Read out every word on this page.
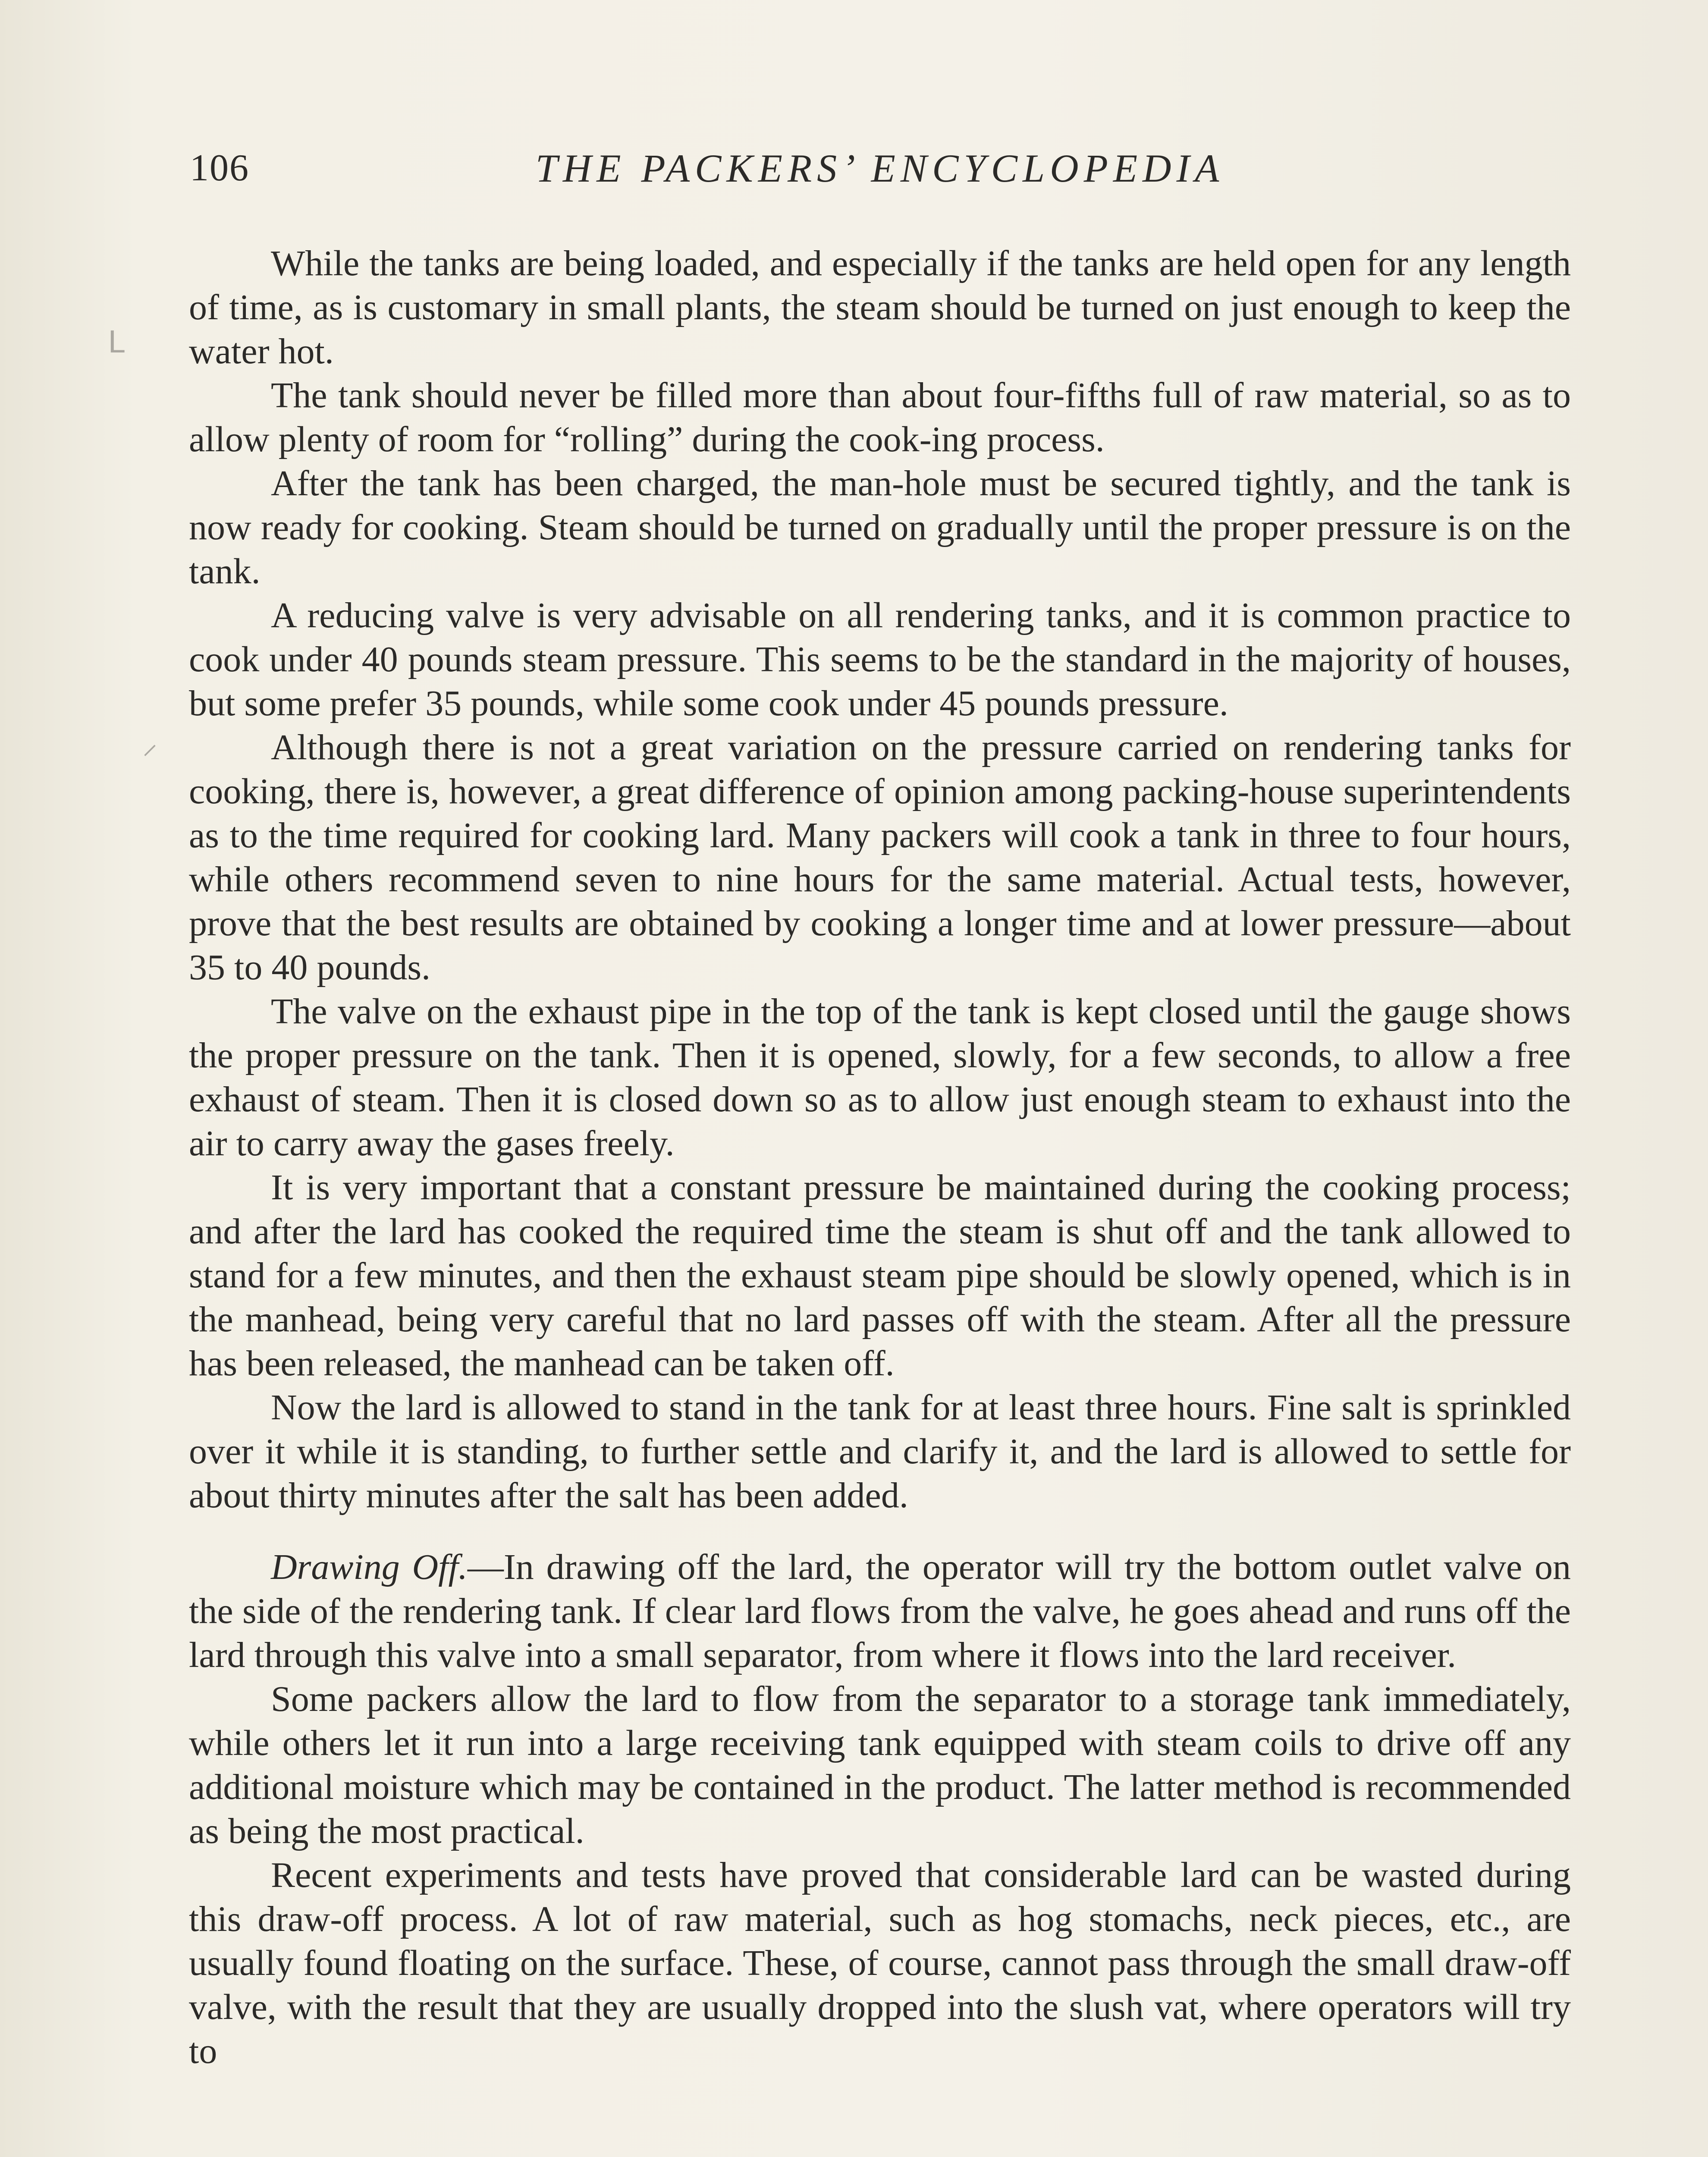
106	THE PACKERS’ ENCYCLOPEDIA
ᒪ
⸝

While the tanks are being loaded, and especially if the tanks are held open for any length of time, as is customary in small plants, the steam should be turned on just enough to keep the water hot.

The tank should never be filled more than about four-fifths full of raw material, so as to allow plenty of room for “rolling” during the cook-ing process.

After the tank has been charged, the man-hole must be secured tightly, and the tank is now ready for cooking. Steam should be turned on gradually until the proper pressure is on the tank.

A reducing valve is very advisable on all rendering tanks, and it is common practice to cook under 40 pounds steam pressure. This seems to be the standard in the majority of houses, but some prefer 35 pounds, while some cook under 45 pounds pressure.

Although there is not a great variation on the pressure carried on rendering tanks for cooking, there is, however, a great difference of opinion among packing-house superintendents as to the time required for cooking lard. Many packers will cook a tank in three to four hours, while others recommend seven to nine hours for the same material. Actual tests, however, prove that the best results are obtained by cooking a longer time and at lower pressure—about 35 to 40 pounds.

The valve on the exhaust pipe in the top of the tank is kept closed until the gauge shows the proper pressure on the tank. Then it is opened, slowly, for a few seconds, to allow a free exhaust of steam. Then it is closed down so as to allow just enough steam to exhaust into the air to carry away the gases freely.

It is very important that a constant pressure be maintained during the cooking process; and after the lard has cooked the required time the steam is shut off and the tank allowed to stand for a few minutes, and then the exhaust steam pipe should be slowly opened, which is in the manhead, being very careful that no lard passes off with the steam. After all the pressure has been released, the manhead can be taken off.

Now the lard is allowed to stand in the tank for at least three hours. Fine salt is sprinkled over it while it is standing, to further settle and clarify it, and the lard is allowed to settle for about thirty minutes after the salt has been added.

Drawing Off.—In drawing off the lard, the operator will try the bottom outlet valve on the side of the rendering tank. If clear lard flows from the valve, he goes ahead and runs off the lard through this valve into a small separator, from where it flows into the lard receiver.

Some packers allow the lard to flow from the separator to a storage tank immediately, while others let it run into a large receiving tank equipped with steam coils to drive off any additional moisture which may be contained in the product. The latter method is recommended as being the most practical.

Recent experiments and tests have proved that considerable lard can be wasted during this draw-off process. A lot of raw material, such as hog stomachs, neck pieces, etc., are usually found floating on the surface. These, of course, cannot pass through the small draw-off valve, with the result that they are usually dropped into the slush vat, where operators will try to
